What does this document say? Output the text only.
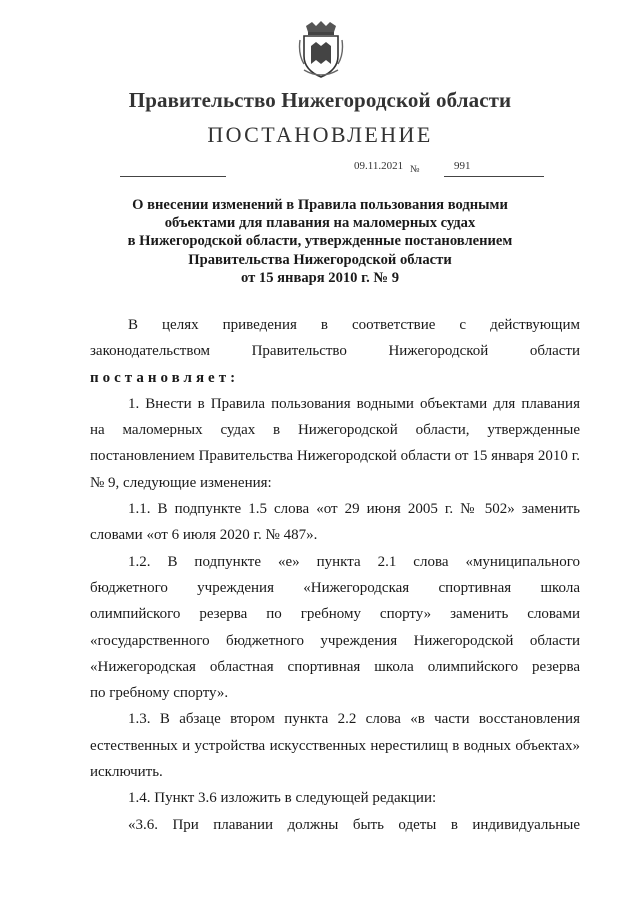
Правительство Нижегородской области
ПОСТАНОВЛЕНИЕ
09.11.2021 №	991
О внесении изменений в Правила пользования водными
объектами для плавания на маломерных судах
в Нижегородской области, утвержденные постановлением
Правительства Нижегородской области
от 15 января 2010 г. № 9
В целях приведения в соответствие с действующим
законодательством Правительство Нижегородской области
постановляет:
1. Внести в Правила пользования водными объектами для плавания
на маломерных судах в Нижегородской области, утвержденные
постановлением Правительства Нижегородской области от 15 января 2010 г.
№ 9, следующие изменения:
1.1. В подпункте 1.5 слова «от 29 июня 2005 г. № 502» заменить
словами «от 6 июля 2020 г. № 487».
1.2. В подпункте «е» пункта 2.1 слова «муниципального
бюджетного учреждения «Нижегородская спортивная школа
олимпийского резерва по гребному спорту» заменить словами
«государственного бюджетного учреждения Нижегородской области
«Нижегородская областная спортивная школа олимпийского резерва
по гребному спорту».
1.3. В абзаце втором пункта 2.2 слова «в части восстановления
естественных и устройства искусственных нерестилищ в водных объектах»
исключить.
1.4. Пункт 3.6 изложить в следующей редакции:
«3.6. При плавании должны быть одеты в индивидуальные
